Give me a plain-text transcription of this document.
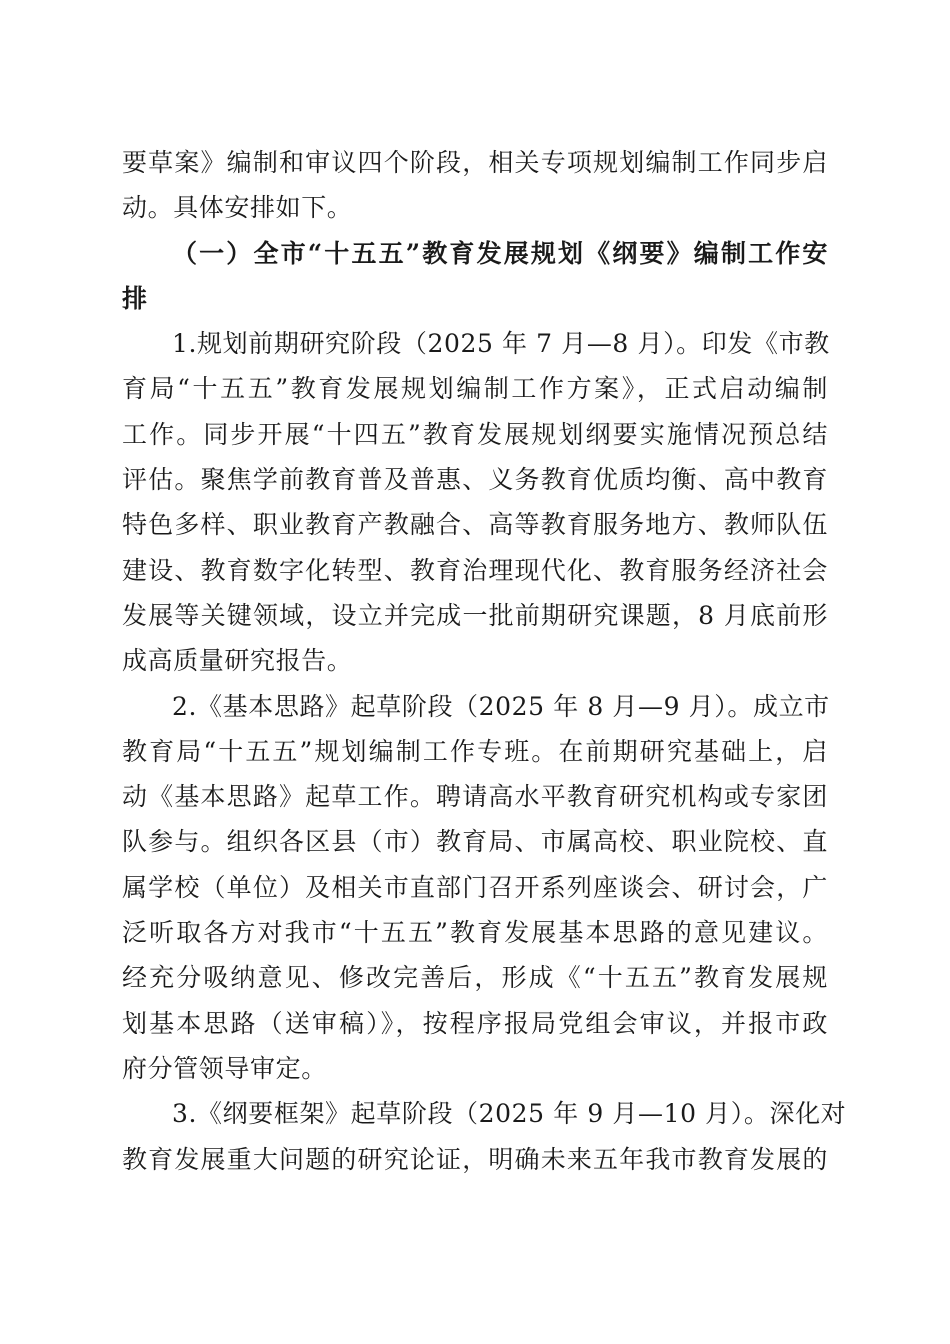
要草案》编制和审议四个阶段，相关专项规划编制工作同步启
动。具体安排如下。
（一）全市“十五五”教育发展规划《纲要》编制工作安
排
1.规划前期研究阶段（2025 年 7 月—8 月）。印发《市教
育局“十五五”教育发展规划编制工作方案》，正式启动编制
工作。同步开展“十四五”教育发展规划纲要实施情况预总结
评估。聚焦学前教育普及普惠、义务教育优质均衡、高中教育
特色多样、职业教育产教融合、高等教育服务地方、教师队伍
建设、教育数字化转型、教育治理现代化、教育服务经济社会
发展等关键领域，设立并完成一批前期研究课题，8 月底前形
成高质量研究报告。
2.《基本思路》起草阶段（2025 年 8 月—9 月）。成立市
教育局“十五五”规划编制工作专班。在前期研究基础上，启
动《基本思路》起草工作。聘请高水平教育研究机构或专家团
队参与。组织各区县（市）教育局、市属高校、职业院校、直
属学校（单位）及相关市直部门召开系列座谈会、研讨会，广
泛听取各方对我市“十五五”教育发展基本思路的意见建议。
经充分吸纳意见、修改完善后，形成《“十五五”教育发展规
划基本思路（送审稿）》，按程序报局党组会审议，并报市政
府分管领导审定。
3.《纲要框架》起草阶段（2025 年 9 月—10 月）。深化对
教育发展重大问题的研究论证，明确未来五年我市教育发展的
